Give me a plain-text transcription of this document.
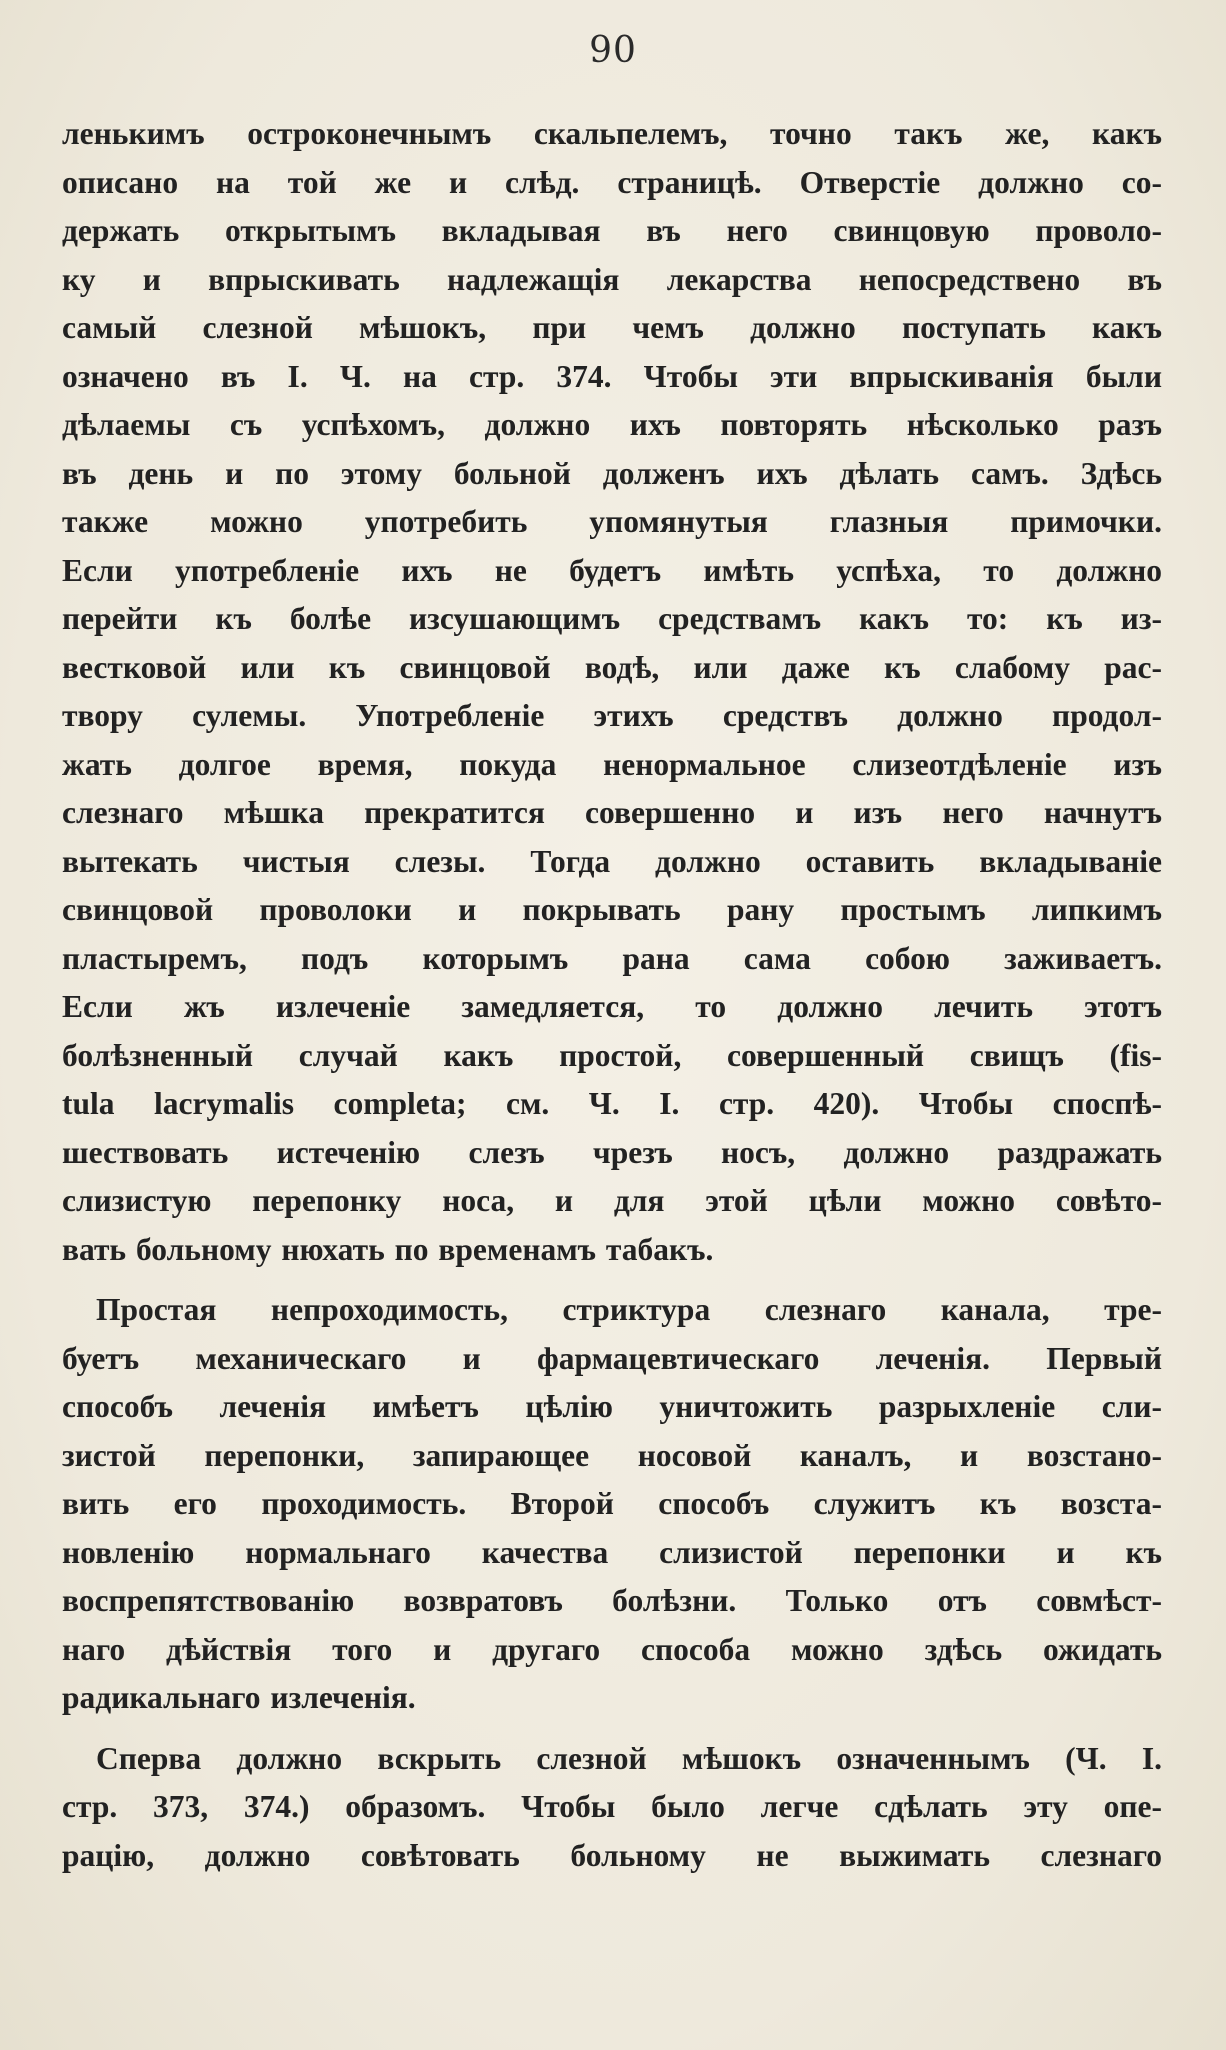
90
ленькимъ остроконечнымъ скальпелемъ, точно такъ же, какъ
описано на той же и слѣд. страницѣ. Отверстіе должно со-
держать открытымъ вкладывая въ него свинцовую проволо-
ку и впрыскивать надлежащія лекарства непосредствено въ
самый слезной мѣшокъ, при чемъ должно поступать какъ
означено въ I. Ч. на стр. 374. Чтобы эти впрыскиванія были
дѣлаемы съ успѣхомъ, должно ихъ повторять нѣсколько разъ
въ день и по этому больной долженъ ихъ дѣлать самъ. Здѣсь
также можно употребить упомянутыя глазныя примочки.
Если употребленіе ихъ не будетъ имѣть успѣха, то должно
перейти къ болѣе изсушающимъ средствамъ какъ то: къ из-
вестковой или къ свинцовой водѣ, или даже къ слабому рас-
твору сулемы. Употребленіе этихъ средствъ должно продол-
жать долгое время, покуда ненормальное слизеотдѣленіе изъ
слезнаго мѣшка прекратится совершенно и изъ него начнутъ
вытекать чистыя слезы. Тогда должно оставить вкладываніе
свинцовой проволоки и покрывать рану простымъ липкимъ
пластыремъ, подъ которымъ рана сама собою заживаетъ.
Если жъ излеченіе замедляется, то должно лечить этотъ
болѣзненный случай какъ простой, совершенный свищъ (fis-
tula lacrymalis completa; см. Ч. I. стр. 420). Чтобы споспѣ-
шествовать истеченію слезъ чрезъ носъ, должно раздражать
слизистую перепонку носа, и для этой цѣли можно совѣто-
вать больному нюхать по временамъ табакъ.
Простая непроходимость, стриктура слезнаго канала, тре-
буетъ механическаго и фармацевтическаго леченія. Первый
способъ леченія имѣетъ цѣлію уничтожить разрыхленіе сли-
зистой перепонки, запирающее носовой каналъ, и возстано-
вить его проходимость. Второй способъ служитъ къ возста-
новленію нормальнаго качества слизистой перепонки и къ
воспрепятствованію возвратовъ болѣзни. Только отъ совмѣст-
наго дѣйствія того и другаго способа можно здѣсь ожидать
радикальнаго излеченія.
Сперва должно вскрыть слезной мѣшокъ означеннымъ (Ч. I.
стр. 373, 374.) образомъ. Чтобы было легче сдѣлать эту опе-
рацію, должно совѣтовать больному не выжимать слезнаго
